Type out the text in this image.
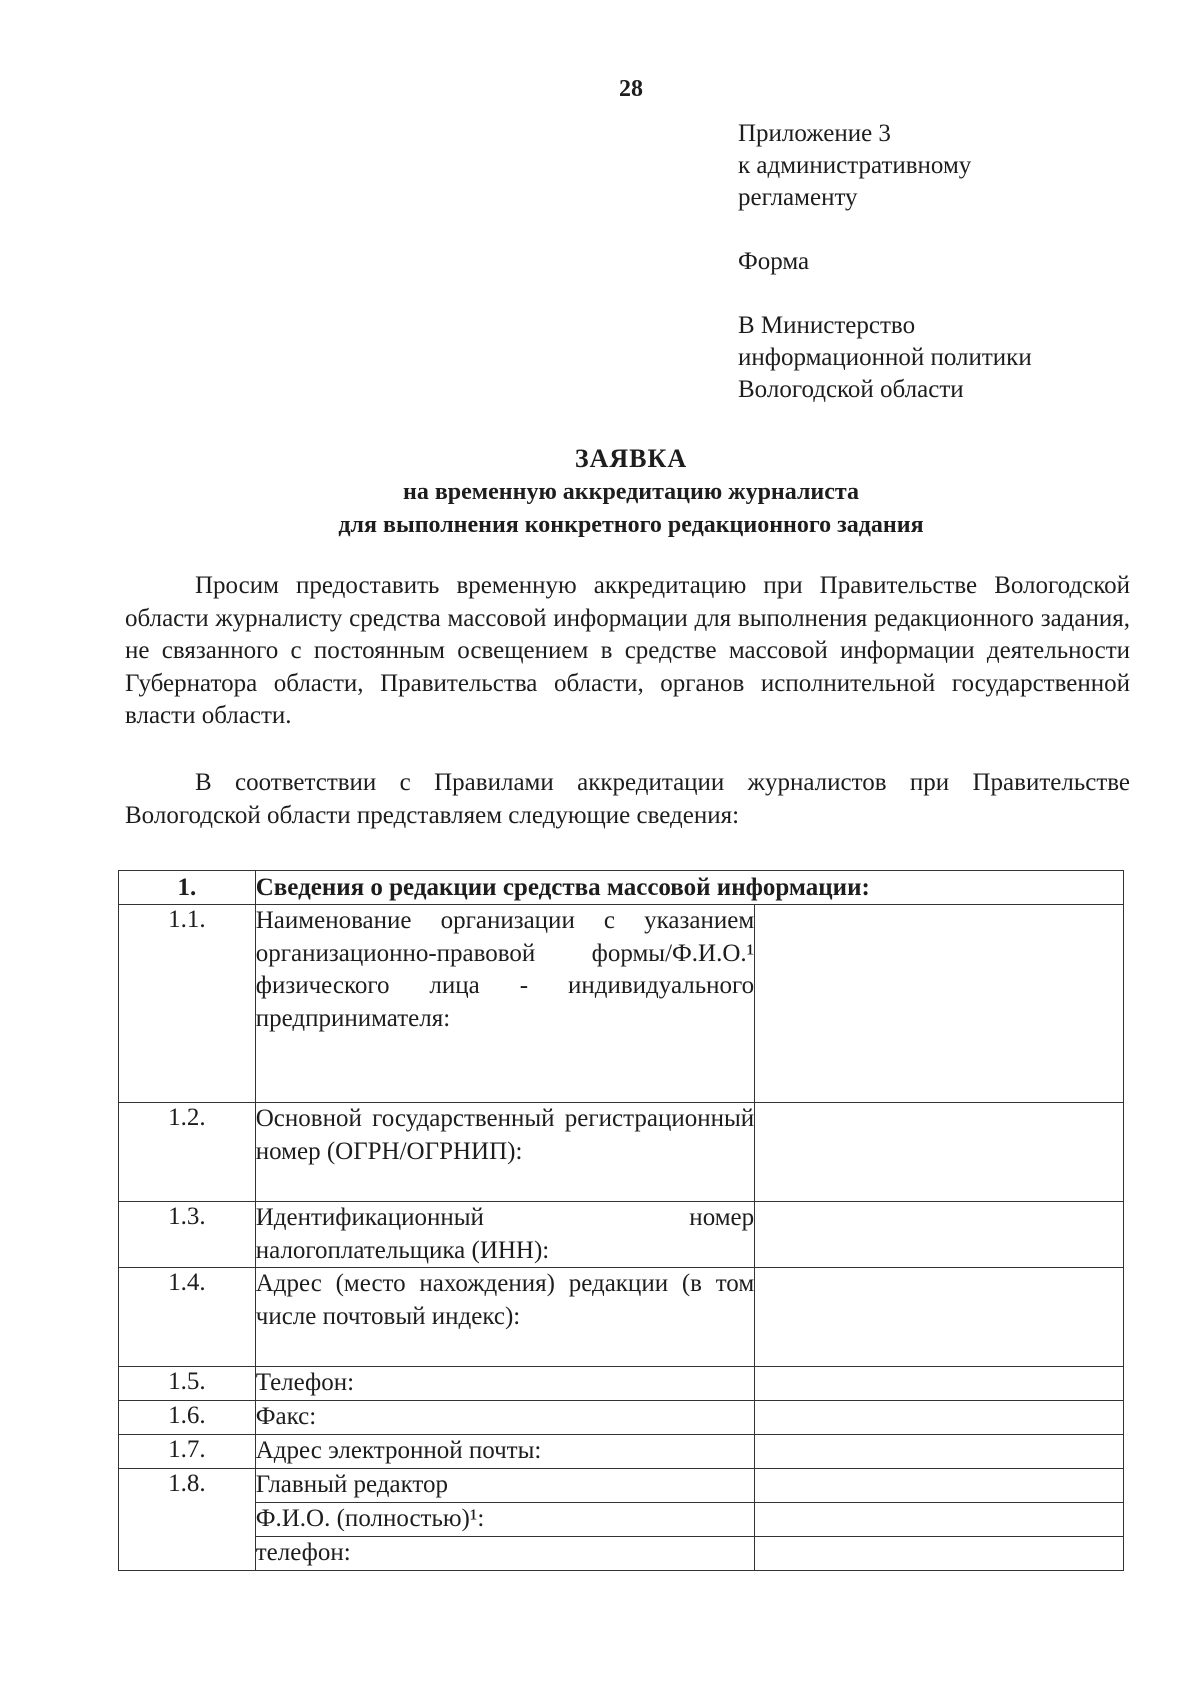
28
Приложение 3
к административному
регламенту
Форма
В Министерство
информационной политики
Вологодской области
ЗАЯВКА
на временную аккредитацию журналиста
для выполнения конкретного редакционного задания
Просим предоставить временную аккредитацию при Правительстве Вологодской области журналисту средства массовой информации для выполнения редакционного задания, не связанного с постоянным освещением в средстве массовой информации деятельности Губернатора области, Правительства области, органов исполнительной государственной власти области.
В соответствии с Правилами аккредитации журналистов при Правительстве Вологодской области представляем следующие сведения:
1.	Сведения о редакции средства массовой информации:	
1.1.	Наименование организации с указанием организационно-правовой формы/Ф.И.О.¹ физического лица - индивидуального предпринимателя:	
1.2.	Основной государственный регистрационный номер (ОГРН/ОГРНИП):	
1.3.	Идентификационный номер налогоплательщика (ИНН):	
1.4.	Адрес (место нахождения) редакции (в том числе почтовый индекс):	
1.5.	Телефон:	
1.6.	Факс:	
1.7.	Адрес электронной почты:	
1.8.	Главный редактор	
	Ф.И.О. (полностью)¹:	
	телефон:	
